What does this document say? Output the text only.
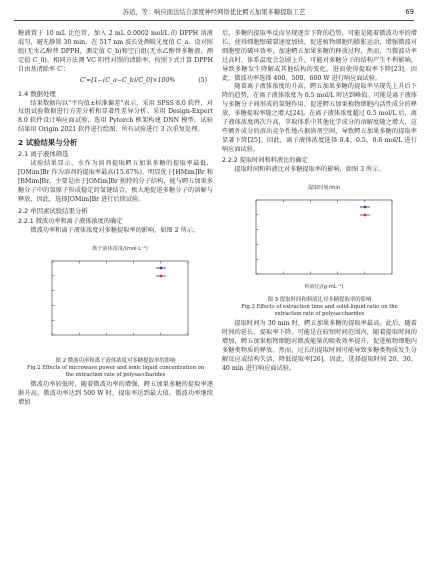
苏适，等：响应面法结合深度神经网络优化鳄五加果多糖提取工艺	69

糖液置于 10 mL 比色管，加入 2 mL 0.0002 mol/L 的 DPPH 溶液混匀，避光静置 30 min，在 517 nm 波长处测吸光度值 C_a。设对照组(无水乙醇替 DPPH，测定值 C_b)和空白组(无水乙醇替多糖液，测定值 C_0)。相同方法测 VC 阳性对照的清除率，按照下式计算 DPPH 自由基清除率 C′：

C′=[1−(C_a−C_b)/C_0]×100%	(5)
1.4 数据处理

结果数据均以"平均值±标准偏差"表示，采用 SPSS 8.0 软件，对每组试验数据进行方差分析和显著性差异分析。采用 Design-Expert 8.0 软件设计响应面试验，选用 Pytorch 框架构建 DNN 模型，试验结果用 Origin 2021 软件进行绘图，所有试验进行 3 次重复处理。

2 试验结果与分析
2.1 离子液体筛选

试验结果显示，水作为溶剂提取鳄五加果多糖的提取率最低，[OMim]Br 作为溶剂的提取率最高(15.67%)，明显优于[HMim]Br 和[BMim]Br。主要是由于[OMim]Br 独特的分子结构，能与鳄五加果多糖分子中的氢原子形成稳定的氢键结合，极大地促进多糖分子的溶解与释放，因此，选择[OMim]Br 进行后续试验。

2.2 单因素试验结果分析
2.2.1 微波功率和离子液体浓度的确定

微波功率和离子液体浓度对多糖提取率的影响，如图 2 所示。

离子液体浓度/(mol·L⁻¹)
图 2 微波功率和离子液体浓度对多糖提取率的影响
Fig.2 Effects of microwave power and ionic liquid concentration on the extraction rate of polysaccharides

微波功率较低时，随着微波功率的增强，鳄五加果多糖的提取率逐渐升高。微波功率达到 500 W 时，提取率达到最大值。微波功率继续增加

后，多糖的提取率反而呈现逐步下降的趋势，可能是随着微波功率的增长，使得细胞壁破裂速度加快，促进植物细胞的膨胀运动，增强微波对细胞壁的破坏效率，加速鳄五加果多糖的释放过程，然而，当微波功率过高时，体系温度会急剧上升，可能对多糖分子的结构产生不利影响，导致多糖发生降解或其他结构的变化，进而使得提取率下降[23]。因此，微波功率选择 400、500、600 W 进行响应面试验。

随着离子液体浓度的升高，鳄五加果多糖的提取率呈现先上升后下降的趋势，在离子液体浓度为 0.5 mol/L 时达到峰值。可能是离子液体与多糖分子间形成的氢键作用，促进鳄五加果植物细胞内活性成分的释放，多糖提取率随之增大[24]。在离子液体浓度超过 0.5 mol/L 后，离子液体浓度再次升高，萃取体系中其他化学成分的溶解度随之增大，这些额外成分的溶出竞争性地占据溶剂空间，导致鳄五加果多糖的提取率显著下降[25]。因此，离子液体浓度选择 0.4、0.5、0.6 mol/L 进行响应面试验。

2.2.2 提取时间和料液比的确定

提取时间和料液比对多糖提取率的影响，如图 3 所示。

提取时间/min
料液比/(g·mL⁻¹)
图 3 提取时间和料液比对多糖提取率的影响
Fig.3 Effects of extraction time and solid-liquid ratio on the extraction rate of polysaccharides

提取时间为 30 min 时，鳄五加果多糖的提取率最高。此后，随着时间的延长，提取率下降。可能是在较短时间范围内，随着提取时间的增加，鳄五加果植物细胞对微波能量的吸收效率提升，促进植物细胞内多糖类物质的释放。然而，过长的提取时间可能导致多糖类物质发生分解反应或结构失活，降低提取率[26]。因此，选择提取时间 20、30、40 min 进行响应面试验。
